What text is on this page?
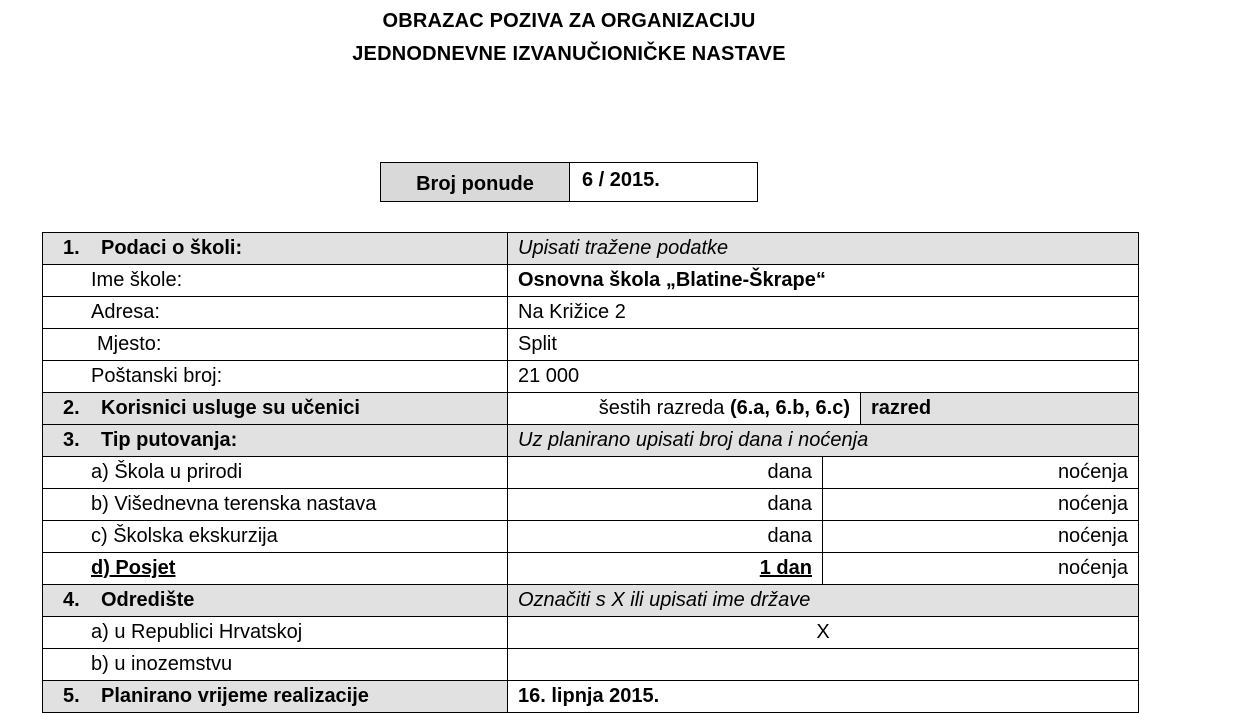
OBRAZAC POZIVA ZA ORGANIZACIJU
JEDNODNEVNE IZVANUČIONIČKE NASTAVE
Broj ponude	6 / 2015.
1. Podaci o školi:	Upisati tražene podatke		
Ime škole:	Osnovna škola „Blatine-Škrape“		
Adresa:	Na Križice 2		
Mjesto:	Split		
Poštanski broj:	21 000		
2. Korisnici usluge su učenici	šestih razreda (6.a, 6.b, 6.c)		razred
3. Tip putovanja:	Uz planirano upisati broj dana i noćenja		
a) Škola u prirodi	dana	noćenja	
b) Višednevna terenska nastava	dana	noćenja	
c) Školska ekskurzija	dana	noćenja	
d) Posjet	1 dan	noćenja	
4. Odredište	Označiti s X ili upisati ime države		
a) u Republici Hrvatskoj	X		
b) u inozemstvu			
5. Planirano vrijeme realizacije	16. lipnja 2015.		
